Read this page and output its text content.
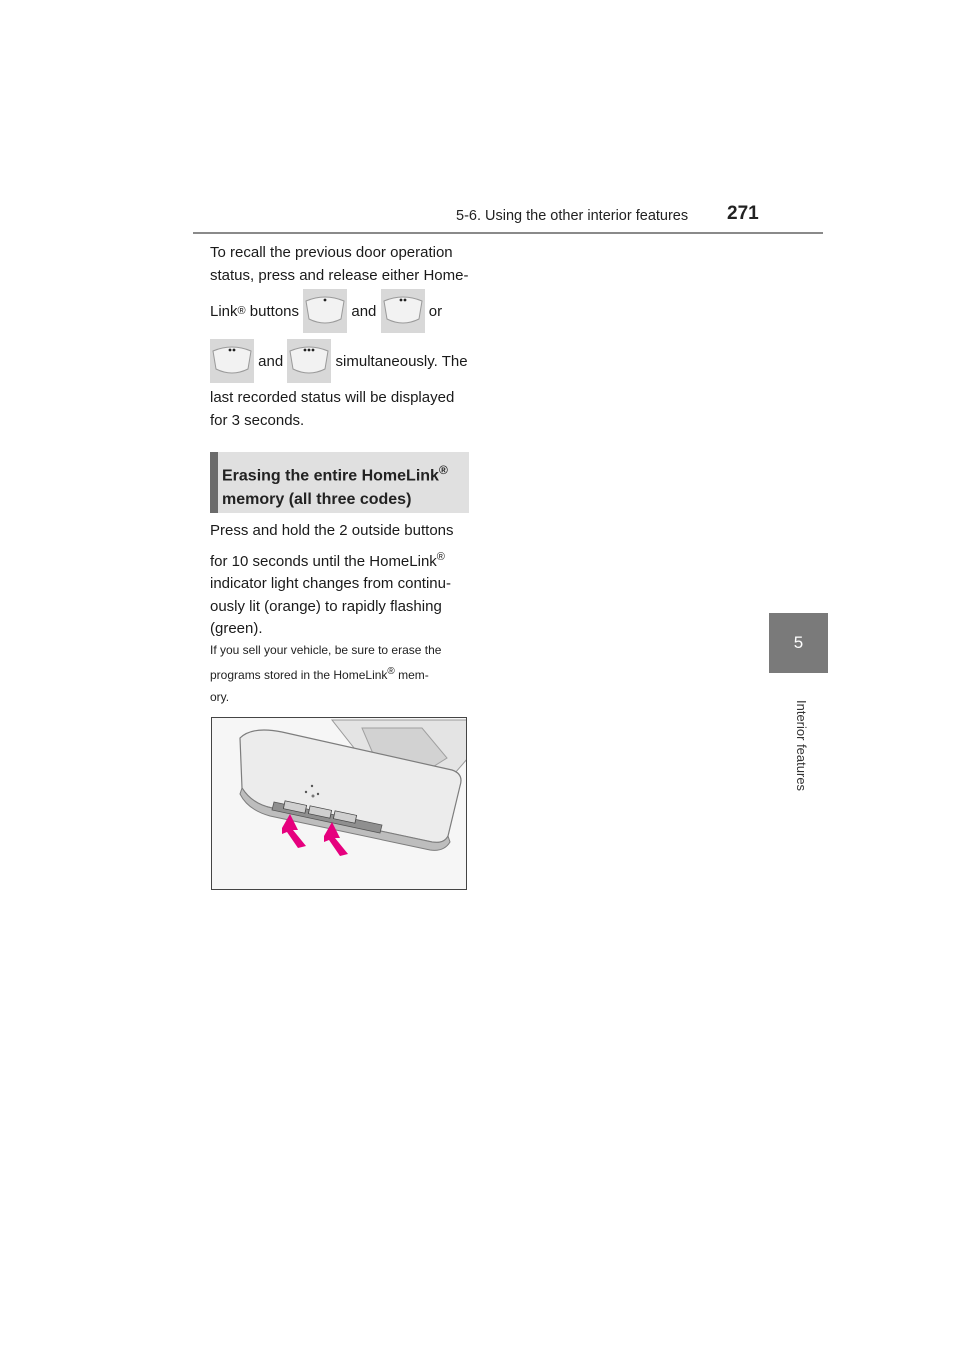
5-6. Using the other interior features 271
5
Interior features

To recall the previous door operation
status, press and release either Home-

Link ® buttons	and	or
and	simultaneously. The

last recorded status will be displayed
for 3 seconds.

Erasing the entire HomeLink®
memory (all three codes)

Press and hold the 2 outside buttons
for 10 seconds until the HomeLink®
indicator light changes from continu-
ously lit (orange) to rapidly flashing
(green).

If you sell your vehicle, be sure to erase the
programs stored in the HomeLink® mem-
ory.
